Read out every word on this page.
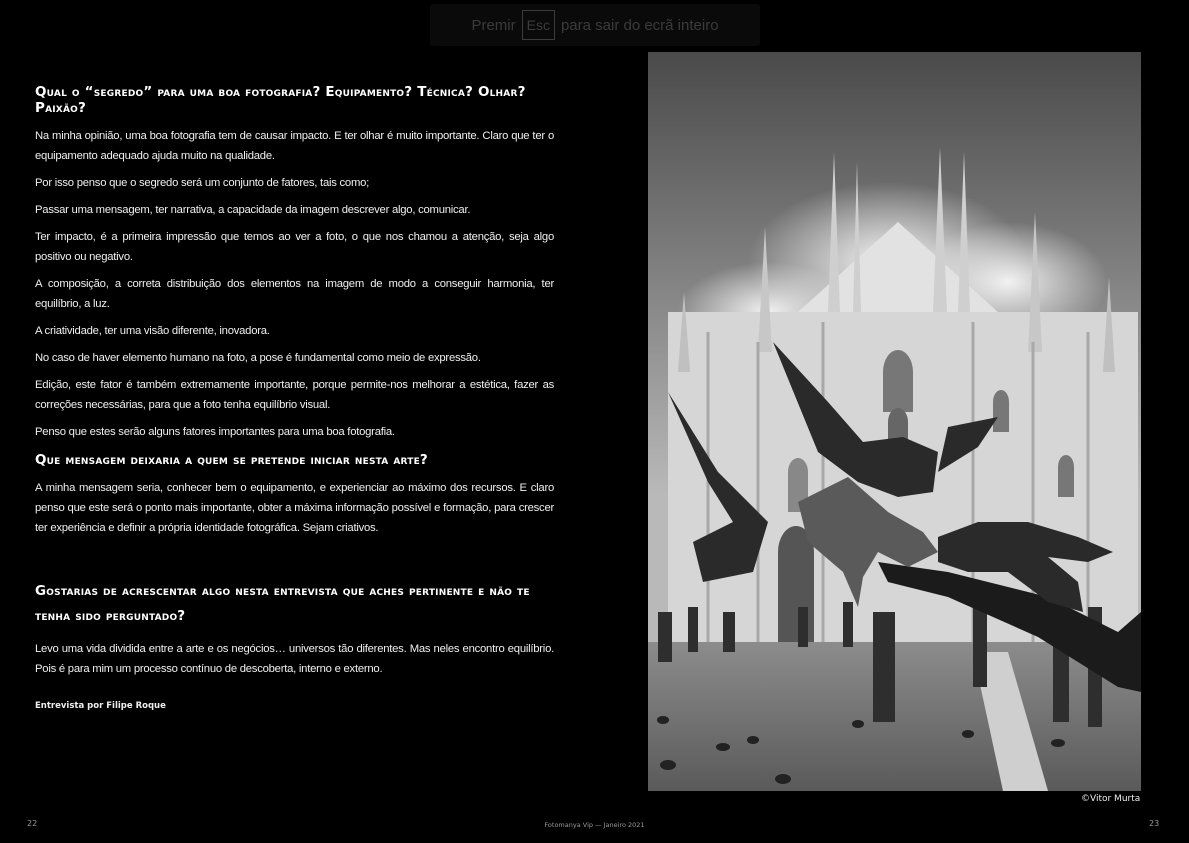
Premir Esc para sair do ecrã inteiro
Qual o “segredo” para uma boa fotografia? Equipamento? Técnica? Olhar? Paixão?

Na minha opinião, uma boa fotografia tem de causar impacto. E ter olhar é muito importante. Claro que ter o equipamento adequado ajuda muito na qualidade.

Por isso penso que o segredo será um conjunto de fatores, tais como;

Passar uma mensagem, ter narrativa, a capacidade da imagem descrever algo, comunicar.

Ter impacto, é a primeira impressão que temos ao ver a foto, o que nos chamou a atenção, seja algo positivo ou negativo.

A composição, a correta distribuição dos elementos na imagem de modo a conseguir harmonia, ter equilíbrio, a luz.

A criatividade, ter uma visão diferente, inovadora.

No caso de haver elemento humano na foto, a pose é fundamental como meio de expressão.

Edição, este fator é também extremamente importante, porque permite-nos melhorar a estética, fazer as correções necessárias, para que a foto tenha equilíbrio visual.

Penso que estes serão alguns fatores importantes para uma boa fotografia.

Que mensagem deixaria a quem se pretende iniciar nesta arte?

A minha mensagem seria, conhecer bem o equipamento, e experienciar ao máximo dos recursos. E claro penso que este será o ponto mais importante, obter a máxima informação possível e formação, para crescer ter experiência e definir a própria identidade fotográfica. Sejam criativos.

Gostarias de acrescentar algo nesta entrevista que aches pertinente e não te tenha sido perguntado?

Levo uma vida dividida entre a arte e os negócios… universos tão diferentes. Mas neles encontro equilíbrio. Pois é para mim um processo contínuo de descoberta, interno e externo.

Entrevista por Filipe Roque
©Vitor Murta
22	Fotomanya Vip — Janeiro 2021	23
